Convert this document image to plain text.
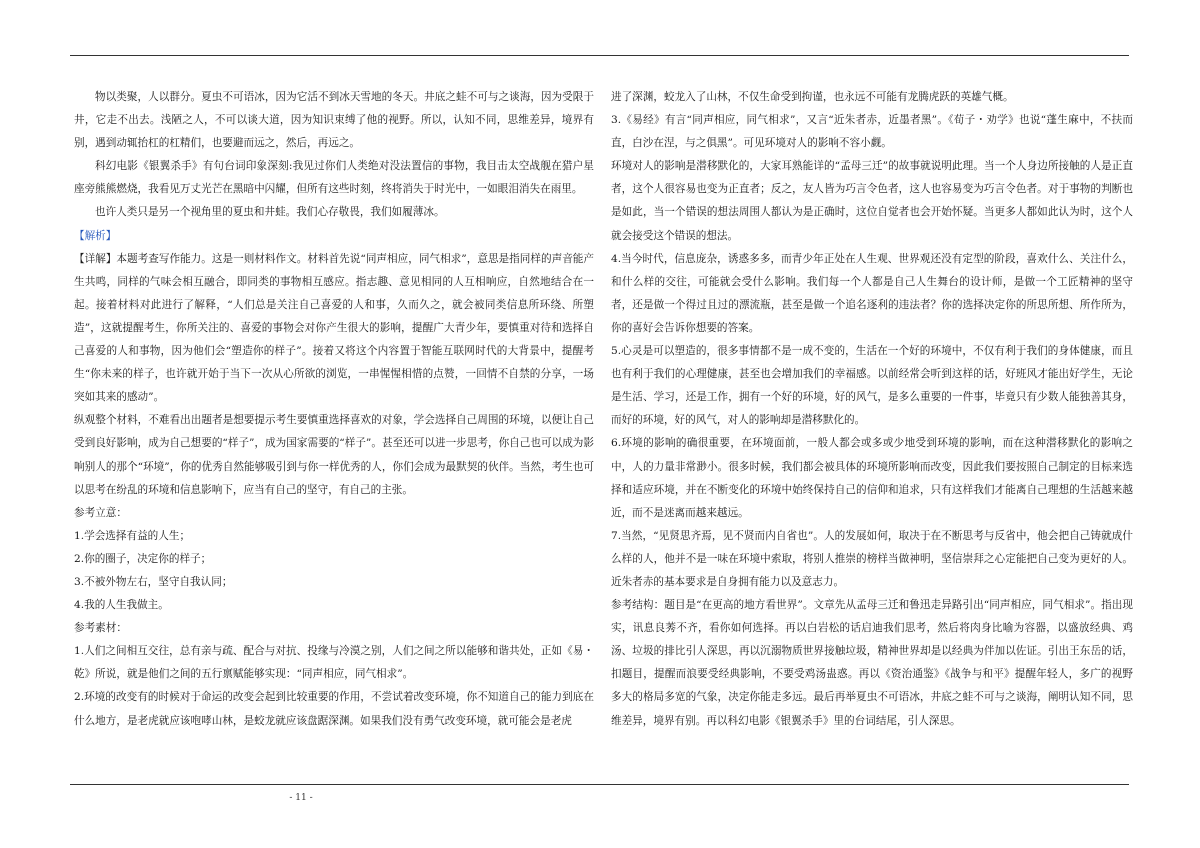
物以类聚，人以群分。夏虫不可语冰，因为它活不到冰天雪地的冬天。井底之蛙不可与之谈海，因为受限于井，它走不出去。浅陋之人，不可以谈大道，因为知识束缚了他的视野。所以，认知不同，思维差异，境界有别，遇到动辄抬杠的杠精们，也要避而远之，然后，再远之。

科幻电影《银翼杀手》有句台词印象深刻:我见过你们人类绝对没法置信的事物，我目击太空战舰在猎户星座旁熊熊燃烧，我看见万丈光芒在黑暗中闪耀，但所有这些时刻，终将消失于时光中，一如眼泪消失在雨里。

也许人类只是另一个视角里的夏虫和井蛙。我们心存敬畏，我们如履薄冰。

【解析】

【详解】本题考查写作能力。这是一则材料作文。材料首先说“同声相应，同气相求”，意思是指同样的声音能产生共鸣，同样的气味会相互融合，即同类的事物相互感应。指志趣、意见相同的人互相响应，自然地结合在一起。接着材料对此进行了解释，“人们总是关注自己喜爱的人和事，久而久之，就会被同类信息所环绕、所塑造”，这就提醒考生，你所关注的、喜爱的事物会对你产生很大的影响，提醒广大青少年，要慎重对待和选择自己喜爱的人和事物，因为他们会“塑造你的样子”。接着又将这个内容置于智能互联网时代的大背景中，提醒考生“你未来的样子，也许就开始于当下一次从心所欲的浏览，一串惺惺相惜的点赞，一回情不自禁的分享，一场突如其来的感动”。

纵观整个材料，不难看出出题者是想要提示考生要慎重选择喜欢的对象，学会选择自己周围的环境，以便让自己受到良好影响，成为自己想要的“样子”，成为国家需要的“样子”。甚至还可以进一步思考，你自己也可以成为影响别人的那个“环境”，你的优秀自然能够吸引到与你一样优秀的人，你们会成为最默契的伙伴。当然，考生也可以思考在纷乱的环境和信息影响下，应当有自己的坚守，有自己的主张。

参考立意：

1.学会选择有益的人生；

2.你的圈子，决定你的样子；

3.不被外物左右，坚守自我认同；

4.我的人生我做主。

参考素材：

1.人们之间相互交往，总有亲与疏、配合与对抗、投缘与冷漠之别，人们之间之所以能够和谐共处，正如《易・乾》所说，就是他们之间的五行禀赋能够实现：“同声相应，同气相求”。

2.环境的改变有的时候对于命运的改变会起到比较重要的作用，不尝试着改变环境，你不知道自己的能力到底在什么地方，是老虎就应该咆哮山林，是蛟龙就应该盘踞深渊。如果我们没有勇气改变环境，就可能会是老虎

进了深渊，蛟龙入了山林，不仅生命受到拘谨，也永远不可能有龙腾虎跃的英雄气概。

3.《易经》有言“同声相应，同气相求”，又言“近朱者赤，近墨者黑”。《荀子・劝学》也说“蓬生麻中，不扶而直，白沙在涅，与之俱黑”。可见环境对人的影响不容小觑。

环境对人的影响是潜移默化的，大家耳熟能详的“孟母三迁”的故事就说明此理。当一个人身边所接触的人是正直者，这个人很容易也变为正直者；反之，友人皆为巧言令色者，这人也容易变为巧言令色者。对于事物的判断也是如此，当一个错误的想法周围人都认为是正确时，这位自觉者也会开始怀疑。当更多人都如此认为时，这个人就会接受这个错误的想法。

4.当今时代，信息庞杂，诱惑多多，而青少年正处在人生观、世界观还没有定型的阶段，喜欢什么、关注什么，和什么样的交往，可能就会受什么影响。我们每一个人都是自己人生舞台的设计师，是做一个工匠精神的坚守者，还是做一个得过且过的漂流瓶，甚至是做一个追名逐利的违法者？你的选择决定你的所思所想、所作所为，你的喜好会告诉你想要的答案。

5.心灵是可以塑造的，很多事情都不是一成不变的，生活在一个好的环境中，不仅有利于我们的身体健康，而且也有利于我们的心理健康，甚至也会增加我们的幸福感。以前经常会听到这样的话，好班风才能出好学生，无论是生活、学习，还是工作，拥有一个好的环境，好的风气，是多么重要的一件事，毕竟只有少数人能独善其身，而好的环境，好的风气，对人的影响却是潜移默化的。

6.环境的影响的确很重要，在环境面前，一般人都会或多或少地受到环境的影响，而在这种潜移默化的影响之中，人的力量非常渺小。很多时候，我们都会被具体的环境所影响而改变，因此我们要按照自己制定的目标来选择和适应环境，并在不断变化的环境中始终保持自己的信仰和追求，只有这样我们才能离自己理想的生活越来越近，而不是迷离而越来越远。

7.当然，“见贤思齐焉，见不贤而内自省也”。人的发展如何，取决于在不断思考与反省中，他会把自己铸就成什么样的人，他并不是一味在环境中索取，将别人推崇的榜样当做神明，坚信崇拜之心定能把自己变为更好的人。近朱者赤的基本要求是自身拥有能力以及意志力。

参考结构：题目是“在更高的地方看世界”。文章先从孟母三迁和鲁迅走异路引出“同声相应，同气相求”。指出现实，讯息良莠不齐，看你如何选择。再以白岩松的话启迪我们思考，然后将肉身比喻为容器，以盛放经典、鸡汤、垃圾的排比引人深思，再以沉溺物质世界接触垃圾，精神世界却是以经典为伴加以佐证。引出王东岳的话，扣题目，提醒而浪要受经典影响，不要受鸡汤蛊惑。再以《资治通鉴》《战争与和平》提醒年轻人，多广的视野多大的格局多宽的气象，决定你能走多远。最后再举夏虫不可语冰，井底之蛙不可与之谈海，阐明认知不同，思维差异，境界有别。再以科幻电影《银翼杀手》里的台词结尾，引人深思。

- 11 -
